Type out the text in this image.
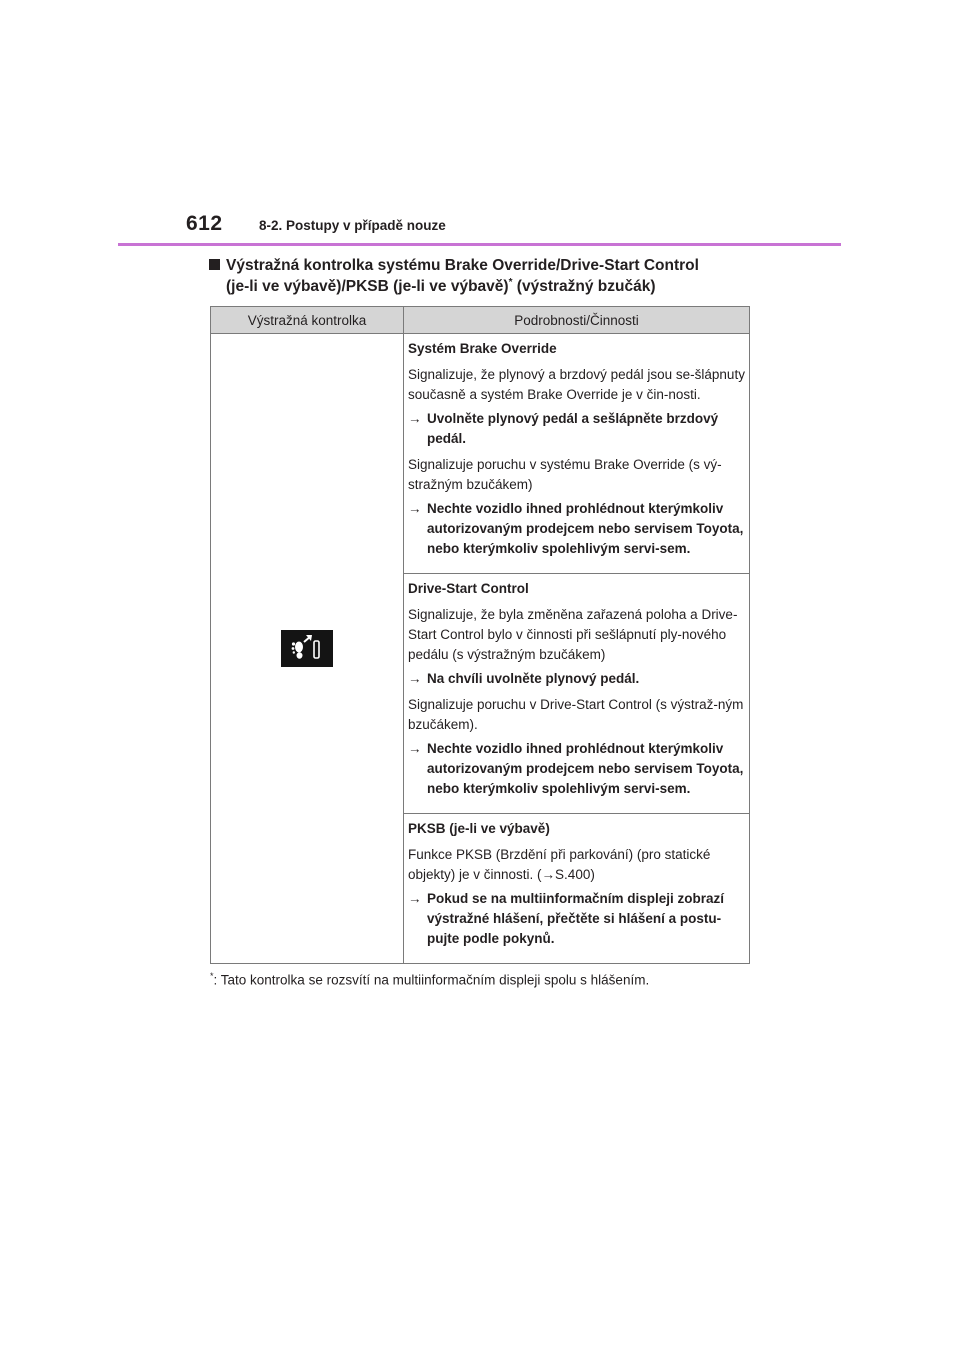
612	8-2. Postupy v případě nouze
Výstražná kontrolka systému Brake Override/Drive-Start Control
(je-li ve výbavě)/PKSB (je-li ve výbavě)* (výstražný bzučák)
Výstražná kontrolka	Podrobnosti/Činnosti

Systém Brake Override

Signalizuje, že plynový a brzdový pedál jsou se-šlápnuty současně a systém Brake Override je v čin-nosti.

→ Uvolněte plynový pedál a sešlápněte brzdový pedál.

Signalizuje poruchu v systému Brake Override (s vý-stražným bzučákem)

→ Nechte vozidlo ihned prohlédnout kterýmkoliv autorizovaným prodejcem nebo servisem Toyota, nebo kterýmkoliv spolehlivým servi-sem.

	Drive-Start Control

Signalizuje, že byla změněna zařazená poloha a Drive-Start Control bylo v činnosti při sešlápnutí ply-nového pedálu (s výstražným bzučákem)

→ Na chvíli uvolněte plynový pedál.

Signalizuje poruchu v Drive-Start Control (s výstraž-ným bzučákem).

→ Nechte vozidlo ihned prohlédnout kterýmkoliv autorizovaným prodejcem nebo servisem Toyota, nebo kterýmkoliv spolehlivým servi-sem.

	PKSB (je-li ve výbavě)

Funkce PKSB (Brzdění při parkování) (pro statické objekty) je v činnosti. (→S.400)

→ Pokud se na multiinformačním displeji zobrazí výstražné hlášení, přečtěte si hlášení a postu-pujte podle pokynů.

*: Tato kontrolka se rozsvítí na multiinformačním displeji spolu s hlášením.
